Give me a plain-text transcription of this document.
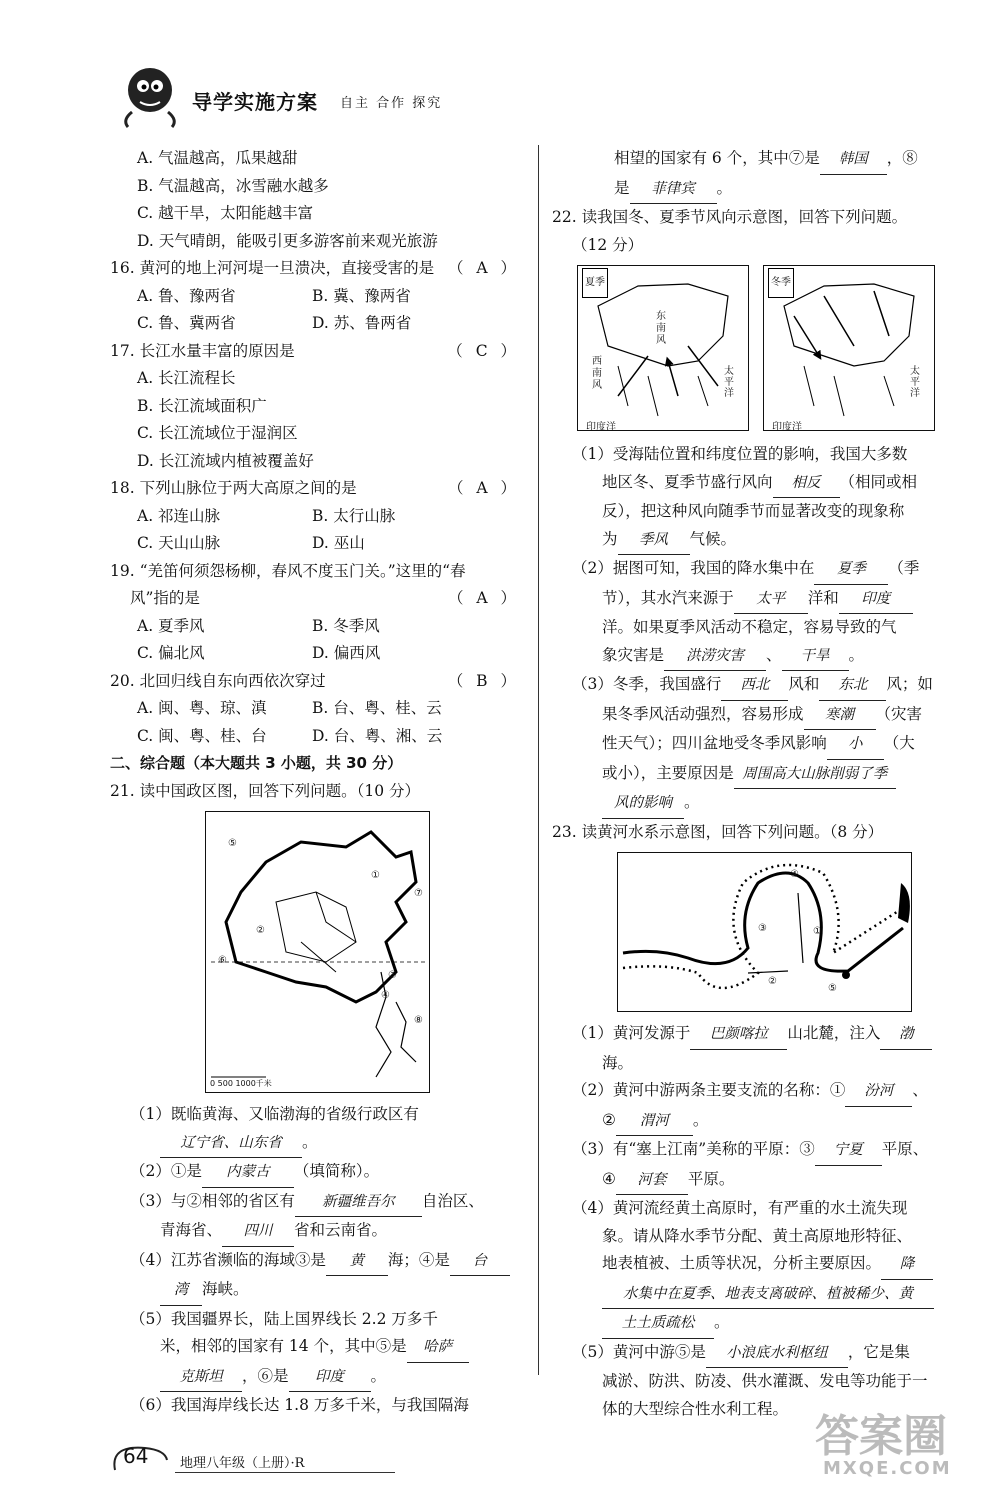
导学实施方案 自主 合作 探究
A. 气温越高，瓜果越甜
B. 气温越高，冰雪融水越多
C. 越干旱，太阳能越丰富
D. 天气晴朗，能吸引更多游客前来观光旅游
16. 黄河的地上河河堤一旦溃决，直接受害的是 （ A ）
A. 鲁、豫两省	B. 冀、豫两省
C. 鲁、冀两省	D. 苏、鲁两省
17. 长江水量丰富的原因是	（ C ）
A. 长江流程长
B. 长江流域面积广
C. 长江流域位于湿润区
D. 长江流域内植被覆盖好
18. 下列山脉位于两大高原之间的是	（ A ）
A. 祁连山脉	B. 太行山脉
C. 天山山脉	D. 巫山
19. “羌笛何须怨杨柳，春风不度玉门关。”这里的“春
风”指的是	（ A ）
A. 夏季风	B. 冬季风
C. 偏北风	D. 偏西风
20. 北回归线自东向西依次穿过	（ B ）
A. 闽、粤、琼、滇	B. 台、粤、桂、云
C. 闽、粤、桂、台	D. 台、粤、湘、云
二、综合题（本大题共 3 小题，共 30 分）
21. 读中国政区图，回答下列问题。（10 分）
⑤
①
⑦
②
⑥
③
④
⑧
0 500 1000千米
（1）既临黄海、又临渤海的省级行政区有
辽宁省、山东省 。
（2）①是 内蒙古 （填简称）。
（3）与②相邻的省区有 新疆维吾尔 自治区、
青海省、 四川 省和云南省。
（4）江苏省濒临的海域③是 黄 海；④是 台
湾 海峡。
（5）我国疆界长，陆上国界线长 2.2 万多千
米，相邻的国家有 14 个，其中⑤是 哈萨
克斯坦 ，⑥是 印度 。
（6）我国海岸线长达 1.8 万多千米，与我国隔海
相望的国家有 6 个，其中⑦是 韩国 ，⑧
是 菲律宾 。
22. 读我国冬、夏季节风向示意图，回答下列问题。
（12 分）
夏季
东南风
西南风
太平洋
印度洋
冬季
太平洋
印度洋
（1）受海陆位置和纬度位置的影响，我国大多数
地区冬、夏季节盛行风向 相反 （相同或相
反），把这种风向随季节而显著改变的现象称
为 季风 气候。
（2）据图可知，我国的降水集中在 夏季 （季
节），其水汽来源于 太平 洋和 印度
洋。如果夏季风活动不稳定，容易导致的气
象灾害是 洪涝灾害 、 干旱 。
（3）冬季，我国盛行 西北 风和 东北 风；如
果冬季风活动强烈，容易形成 寒潮 （灾害
性天气）；四川盆地受冬季风影响 小 （大
或小），主要原因是 周围高大山脉削弱了季
风的影响 。
23. 读黄河水系示意图，回答下列问题。（8 分）
④
③	①
②
⑤
（1）黄河发源于 巴颜喀拉 山北麓，注入 渤
海。
（2）黄河中游两条主要支流的名称：① 汾河 、
② 渭河 。
（3）有“塞上江南”美称的平原：③ 宁夏 平原、
④ 河套 平原。
（4）黄河流经黄土高原时，有严重的水土流失现
象。请从降水季节分配、黄土高原地形特征、
地表植被、土质等状况，分析主要原因。 降
水集中在夏季、地表支离破碎、植被稀少、黄
土土质疏松 。
（5）黄河中游⑤是 小浪底水利枢纽 ，它是集
减淤、防洪、防凌、供水灌溉、发电等功能于一
体的大型综合性水利工程。
64 地理八年级（上册）·R
答案圈
MXQE.COM
